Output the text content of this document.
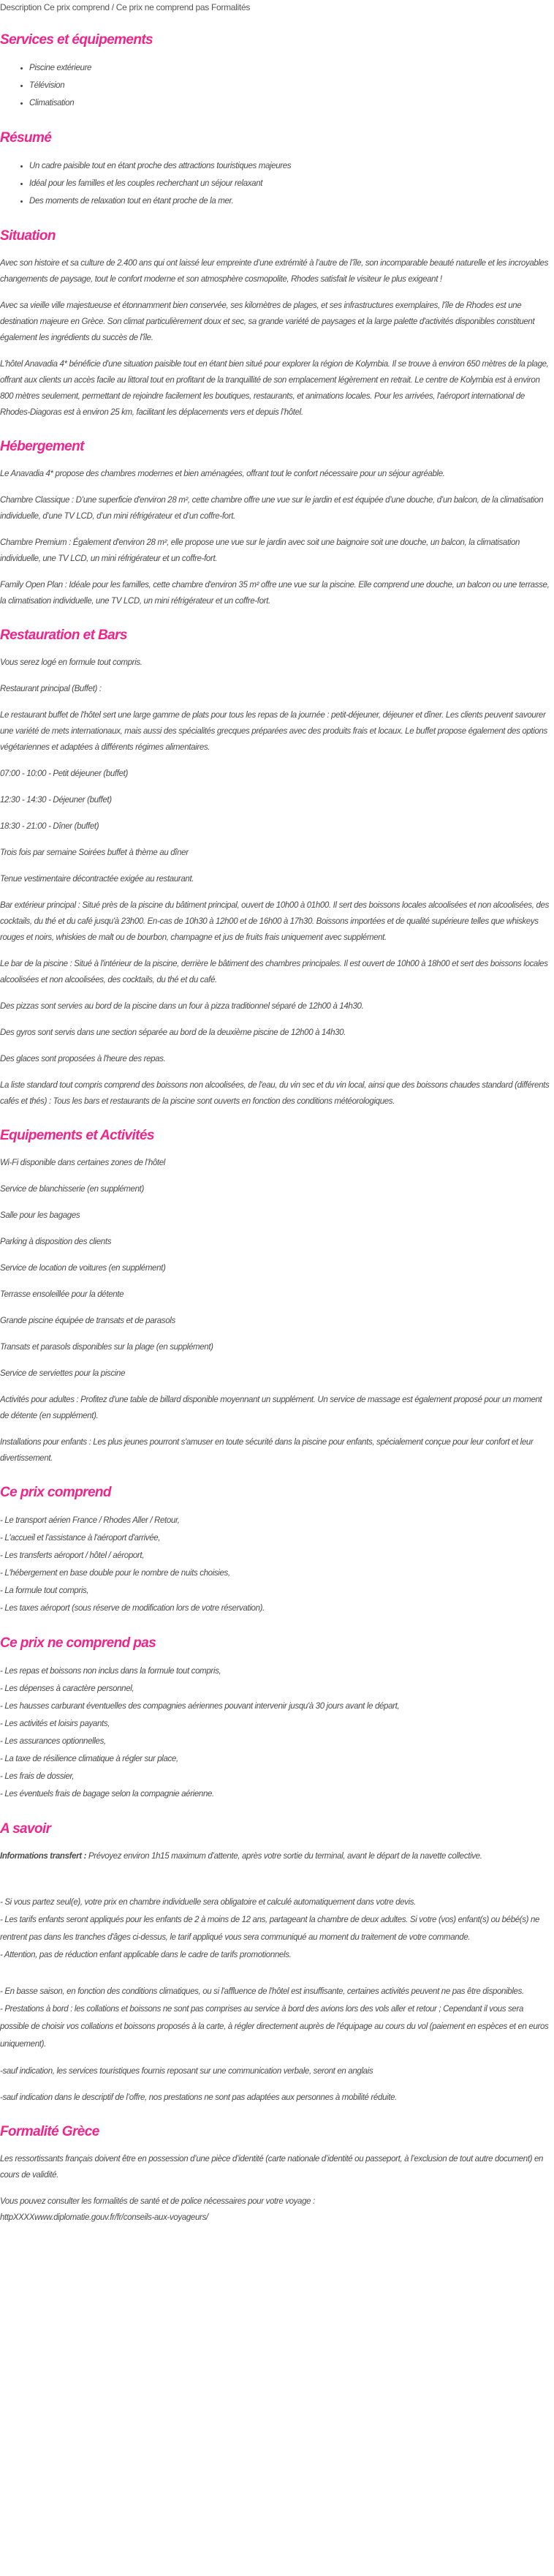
Description Ce prix comprend / Ce prix ne comprend pas Formalités
Services et équipements
• Piscine extérieure
• Télévision
• Climatisation
Résumé
• Un cadre paisible tout en étant proche des attractions touristiques majeures
• Idéal pour les familles et les couples recherchant un séjour relaxant
• Des moments de relaxation tout en étant proche de la mer.
Situation

Avec son histoire et sa culture de 2.400 ans qui ont laissé leur empreinte d’une extrémité à l’autre de l’île, son incomparable beauté naturelle et les incroyables changements de paysage, tout le confort moderne et son atmosphère cosmopolite, Rhodes satisfait le visiteur le plus exigeant !

Avec sa vieille ville majestueuse et étonnamment bien conservée, ses kilomètres de plages, et ses infrastructures exemplaires, l'île de Rhodes est une destination majeure en Grèce. Son climat particulièrement doux et sec, sa grande variété de paysages et la large palette d'activités disponibles constituent également les ingrédients du succès de l'île.

L'hôtel Anavadia 4* bénéficie d'une situation paisible tout en étant bien situé pour explorer la région de Kolymbia. Il se trouve à environ 650 mètres de la plage, offrant aux clients un accès facile au littoral tout en profitant de la tranquillité de son emplacement légèrement en retrait. Le centre de Kolymbia est à environ 800 mètres seulement, permettant de rejoindre facilement les boutiques, restaurants, et animations locales. Pour les arrivées, l'aéroport international de Rhodes-Diagoras est à environ 25 km, facilitant les déplacements vers et depuis l’hôtel.

Hébergement

Le Anavadia 4* propose des chambres modernes et bien aménagées, offrant tout le confort nécessaire pour un séjour agréable.

Chambre Classique : D’une superficie d'environ 28 m², cette chambre offre une vue sur le jardin et est équipée d’une douche, d’un balcon, de la climatisation individuelle, d’une TV LCD, d’un mini réfrigérateur et d’un coffre-fort.

Chambre Premium : Également d'environ 28 m², elle propose une vue sur le jardin avec soit une baignoire soit une douche, un balcon, la climatisation individuelle, une TV LCD, un mini réfrigérateur et un coffre-fort.

Family Open Plan : Idéale pour les familles, cette chambre d'environ 35 m² offre une vue sur la piscine. Elle comprend une douche, un balcon ou une terrasse, la climatisation individuelle, une TV LCD, un mini réfrigérateur et un coffre-fort.

Restauration et Bars

Vous serez logé en formule tout compris.

Restaurant principal (Buffet) :

Le restaurant buffet de l'hôtel sert une large gamme de plats pour tous les repas de la journée : petit-déjeuner, déjeuner et dîner. Les clients peuvent savourer une variété de mets internationaux, mais aussi des spécialités grecques préparées avec des produits frais et locaux. Le buffet propose également des options végétariennes et adaptées à différents régimes alimentaires.

07:00 - 10:00 - Petit déjeuner (buffet)

12:30 - 14:30 - Déjeuner (buffet)

18:30 - 21:00 - Dîner (buffet)

Trois fois par semaine Soirées buffet à thème au dîner

Tenue vestimentaire décontractée exigée au restaurant.

Bar extérieur principal : Situé près de la piscine du bâtiment principal, ouvert de 10h00 à 01h00. Il sert des boissons locales alcoolisées et non alcoolisées, des cocktails, du thé et du café jusqu'à 23h00. En-cas de 10h30 à 12h00 et de 16h00 à 17h30. Boissons importées et de qualité supérieure telles que whiskeys rouges et noirs, whiskies de malt ou de bourbon, champagne et jus de fruits frais uniquement avec supplément.

Le bar de la piscine : Situé à l'intérieur de la piscine, derrière le bâtiment des chambres principales. Il est ouvert de 10h00 à 18h00 et sert des boissons locales alcoolisées et non alcoolisées, des cocktails, du thé et du café.

Des pizzas sont servies au bord de la piscine dans un four à pizza traditionnel séparé de 12h00 à 14h30.

Des gyros sont servis dans une section séparée au bord de la deuxième piscine de 12h00 à 14h30.

Des glaces sont proposées à l'heure des repas.

La liste standard tout compris comprend des boissons non alcoolisées, de l'eau, du vin sec et du vin local, ainsi que des boissons chaudes standard (différents cafés et thés) : Tous les bars et restaurants de la piscine sont ouverts en fonction des conditions météorologiques.

Equipements et Activités

Wi-Fi disponible dans certaines zones de l’hôtel

Service de blanchisserie (en supplément)

Salle pour les bagages

Parking à disposition des clients

Service de location de voitures (en supplément)

Terrasse ensoleillée pour la détente

Grande piscine équipée de transats et de parasols

Transats et parasols disponibles sur la plage (en supplément)

Service de serviettes pour la piscine

Activités pour adultes : Profitez d'une table de billard disponible moyennant un supplément. Un service de massage est également proposé pour un moment de détente (en supplément).

Installations pour enfants : Les plus jeunes pourront s'amuser en toute sécurité dans la piscine pour enfants, spécialement conçue pour leur confort et leur divertissement.

Ce prix comprend
- Le transport aérien France / Rhodes Aller / Retour,
- L'accueil et l'assistance à l'aéroport d'arrivée,
- Les transferts aéroport / hôtel / aéroport,
- L'hébergement en base double pour le nombre de nuits choisies,
- La formule tout compris,
- Les taxes aéroport (sous réserve de modification lors de votre réservation).
Ce prix ne comprend pas
- Les repas et boissons non inclus dans la formule tout compris,
- Les dépenses à caractère personnel,
- Les hausses carburant éventuelles des compagnies aériennes pouvant intervenir jusqu'à 30 jours avant le départ,
- Les activités et loisirs payants,
- Les assurances optionnelles,
- La taxe de résilience climatique à régler sur place,
- Les frais de dossier,
- Les éventuels frais de bagage selon la compagnie aérienne.
A savoir

Informations transfert : Prévoyez environ 1h15 maximum d’attente, après votre sortie du terminal, avant le départ de la navette collective.

- Si vous partez seul(e), votre prix en chambre individuelle sera obligatoire et calculé automatiquement dans votre devis.
- Les tarifs enfants seront appliqués pour les enfants de 2 à moins de 12 ans, partageant la chambre de deux adultes. Si votre (vos) enfant(s) ou bébé(s) ne rentrent pas dans les tranches d'âges ci-dessus, le tarif appliqué vous sera communiqué au moment du traitement de votre commande.
- Attention, pas de réduction enfant applicable dans le cadre de tarifs promotionnels.
- En basse saison, en fonction des conditions climatiques, ou si l'affluence de l'hôtel est insuffisante, certaines activités peuvent ne pas être disponibles.
- Prestations à bord : les collations et boissons ne sont pas comprises au service à bord des avions lors des vols aller et retour ; Cependant il vous sera possible de choisir vos collations et boissons proposés à la carte, à régler directement auprès de l'équipage au cours du vol (paiement en espèces et en euros uniquement).

-sauf indication, les services touristiques fournis reposant sur une communication verbale, seront en anglais

-sauf indication dans le descriptif de l’offre, nos prestations ne sont pas adaptées aux personnes à mobilité réduite.

Formalité Grèce

Les ressortissants français doivent être en possession d’une pièce d’identité (carte nationale d’identité ou passeport, à l’exclusion de tout autre document) en cours de validité.

Vous pouvez consulter les formalités de santé et de police nécessaires pour votre voyage :
httpXXXXwww.diplomatie.gouv.fr/fr/conseils-aux-voyageurs/
